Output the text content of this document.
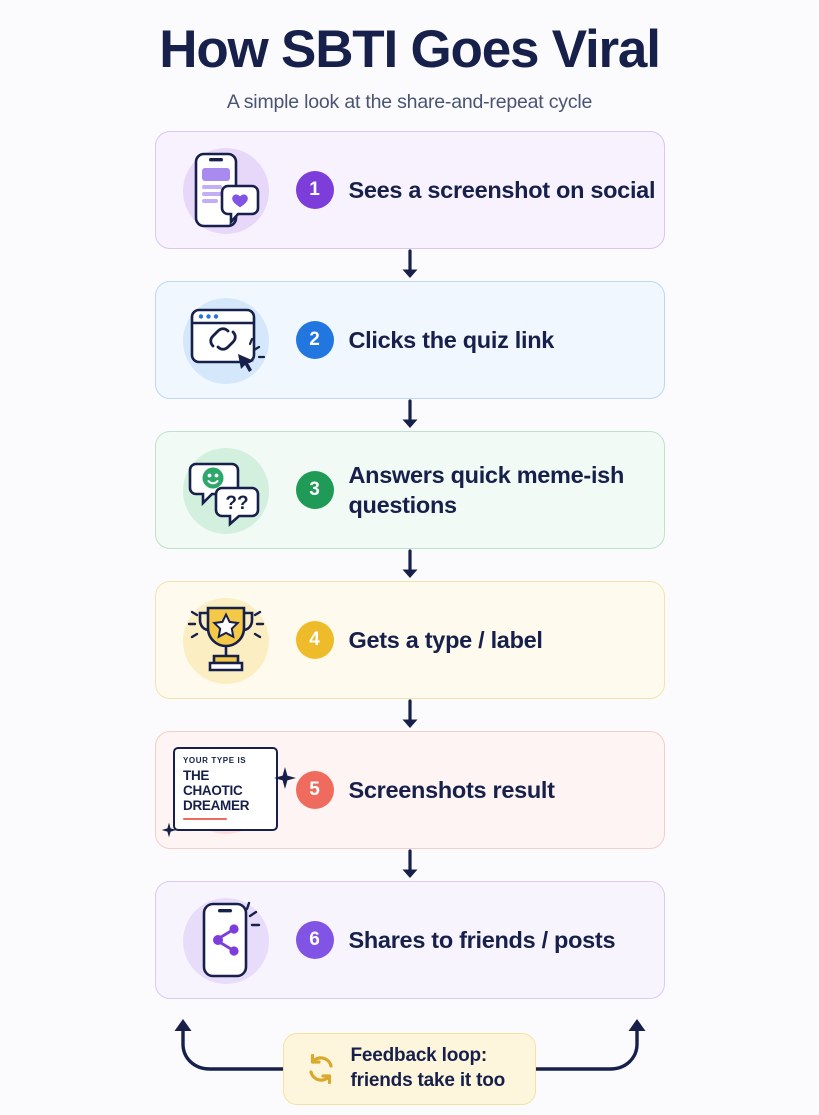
How SBTI Goes Viral
A simple look at the share-and-repeat cycle
1	Sees a screenshot on social
2	Clicks the quiz link
??
3
Answers quick meme-ish questions
4	Gets a type / label
YOUR TYPE IS
THE CHAOTIC
DREAMER
5	Screenshots result
6	Shares to friends / posts
Feedback loop:
friends take it too
